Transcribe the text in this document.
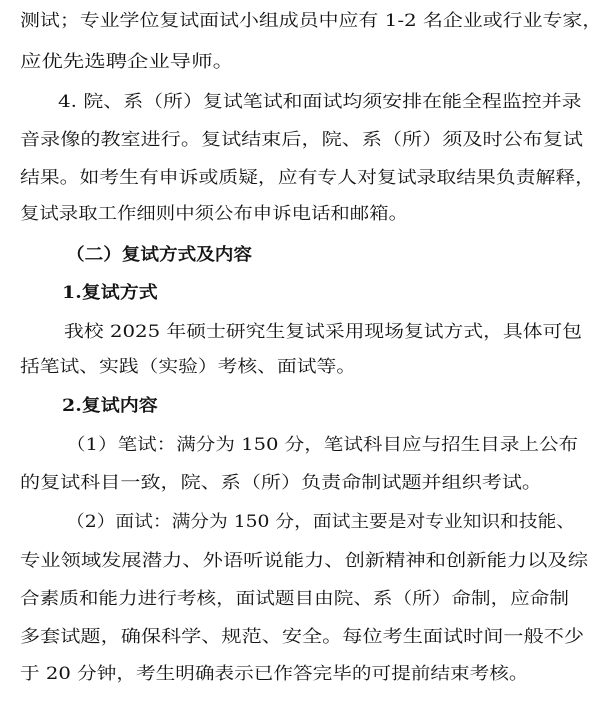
测试；专业学位复试面试小组成员中应有 1-2 名企业或行业专家，
应优先选聘企业导师。
4. 院、系（所）复试笔试和面试均须安排在能全程监控并录
音录像的教室进行。复试结束后，院、系（所）须及时公布复试
结果。如考生有申诉或质疑，应有专人对复试录取结果负责解释，
复试录取工作细则中须公布申诉电话和邮箱。
（二）复试方式及内容
1.复试方式
我校 2025 年硕士研究生复试采用现场复试方式，具体可包
括笔试、实践（实验）考核、面试等。
2.复试内容
（1）笔试：满分为 150 分，笔试科目应与招生目录上公布
的复试科目一致，院、系（所）负责命制试题并组织考试。
（2）面试：满分为 150 分，面试主要是对专业知识和技能、
专业领域发展潜力、外语听说能力、创新精神和创新能力以及综
合素质和能力进行考核，面试题目由院、系（所）命制，应命制
多套试题，确保科学、规范、安全。每位考生面试时间一般不少
于 20 分钟，考生明确表示已作答完毕的可提前结束考核。
